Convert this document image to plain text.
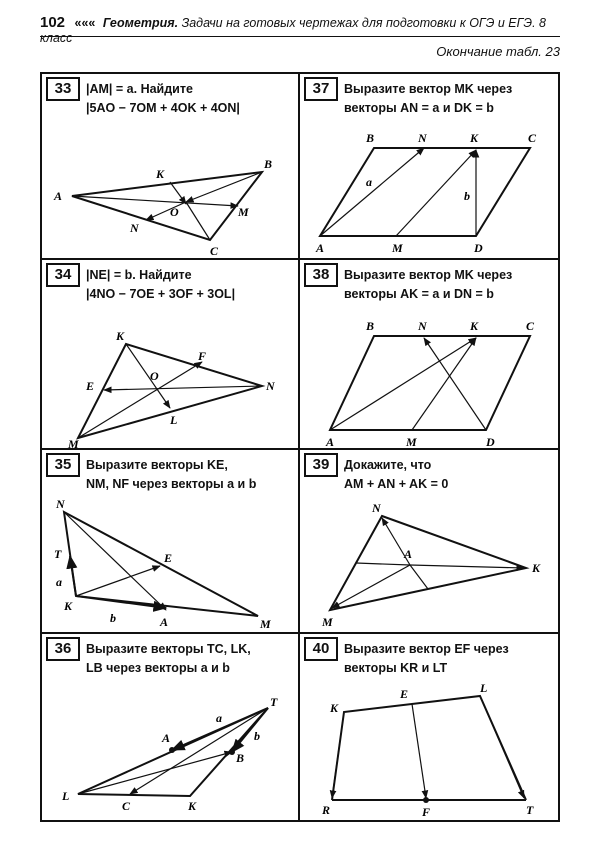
102 ««« Геометрия. Задачи на готовых чертежах для подготовки к ОГЭ и ЕГЭ. 8 класс
Окончание табл. 23
33	|AM| = a. Найдите
|5AO − 7OM + 4OK + 4ON|
A
B
C
K
M
N
O
37	Выразите вектор MK через
векторы AN = a и DK = b
B	N	K	C
A	M	D
a
b
34	|NE| = b. Найдите
|4NO − 7OE + 3OF + 3OL|
K
F
E
O
N
L
M
38	Выразите вектор MK через
векторы AK = a и DN = b
B	N	K	C
A	M	D
35	Выразите векторы KE,
NM, NF через векторы a и b
N
T
a
K
b
E
A	M
39	Докажите, что
AM + AN + AK = 0
N
A
K
M
36	Выразите векторы TC, LK,
LB через векторы a и b
T
a
A	b
B
L
C	K
40	Выразите вектор EF через
векторы KR и LT
K
E	L
R	F	T
